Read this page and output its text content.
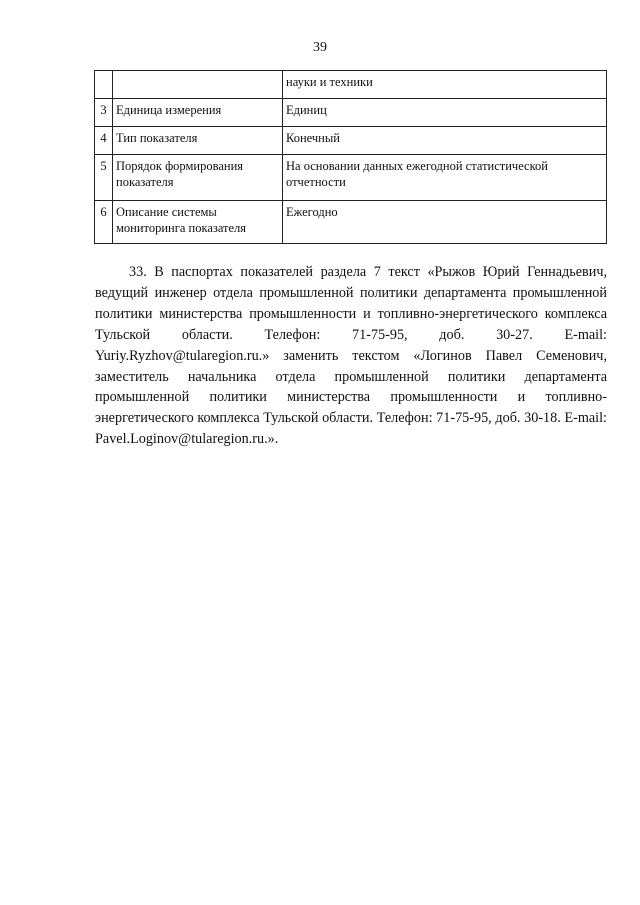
39
		науки и техники
3	Единица измерения	Единиц
4	Тип показателя	Конечный
5	Порядок формирования показателя	На основании данных ежегодной статистической отчетности
6	Описание системы мониторинга показателя	Ежегодно

33. В паспортах показателей раздела 7 текст «Рыжов Юрий Геннадьевич, ведущий инженер отдела промышленной политики департамента промышленной политики министерства промышленности и топливно-энергетического комплекса Тульской области. Телефон: 71-75-95, доб. 30-27. E-mail: Yuriy.Ryzhov@tularegion.ru.» заменить текстом «Логинов Павел Семенович, заместитель начальника отдела промышленной политики департамента промышленной политики министерства промышленности и топливно-энергетического комплекса Тульской области. Телефон: 71-75-95, доб. 30-18. E-mail: Pavel.Loginov@tularegion.ru.».
